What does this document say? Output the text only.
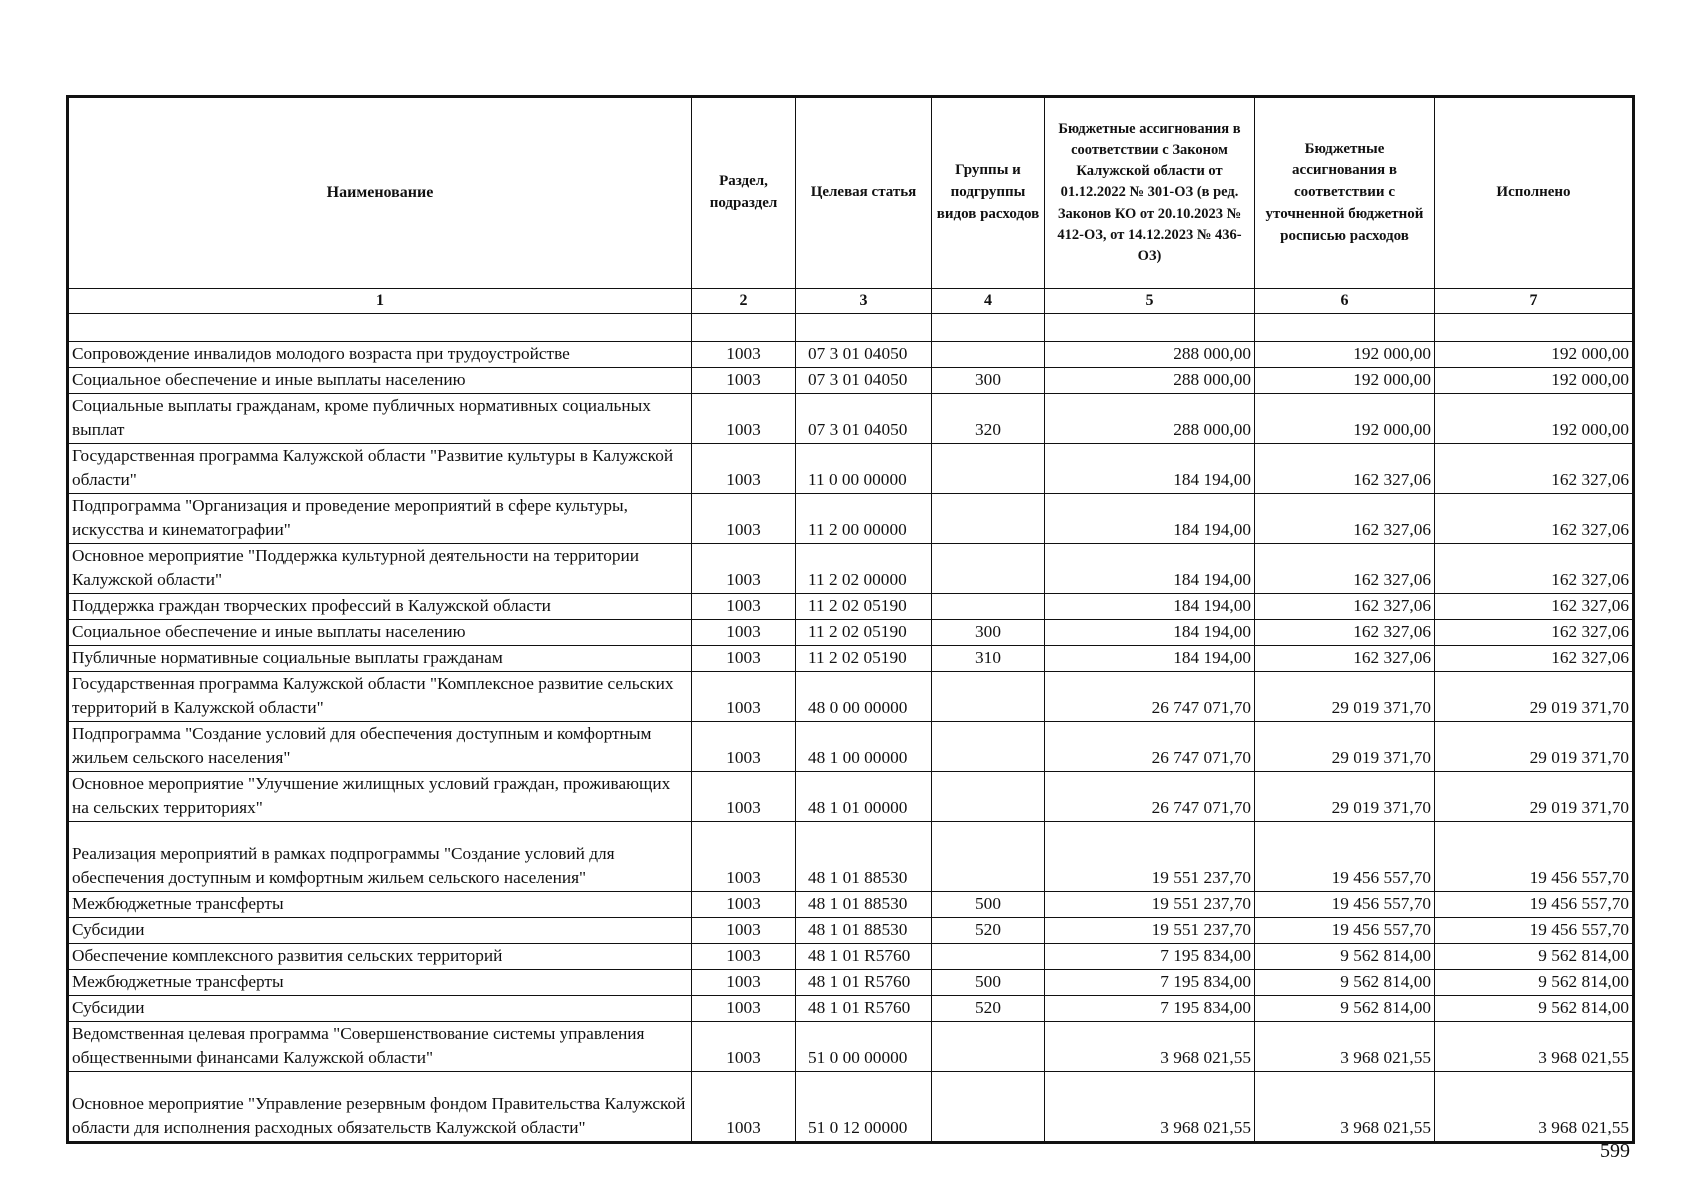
Наименование	Раздел, подраздел	Целевая статья	Группы и подгруппы видов расходов	Бюджетные ассигнования в соответствии с Законом Калужской области от 01.12.2022 № 301-ОЗ (в ред. Законов КО от 20.10.2023 № 412-ОЗ, от 14.12.2023 № 436-ОЗ)	Бюджетные ассигнования в соответствии с уточненной бюджетной росписью расходов	Исполнено
1	2	3	4	5	6	7

Сопровождение инвалидов молодого возраста при трудоустройстве	1003	07 3 01 04050		288 000,00	192 000,00	192 000,00
Социальное обеспечение и иные выплаты населению	1003	07 3 01 04050	300	288 000,00	192 000,00	192 000,00
Социальные выплаты гражданам, кроме публичных нормативных социальных выплат	1003	07 3 01 04050	320	288 000,00	192 000,00	192 000,00
Государственная программа Калужской области "Развитие культуры в Калужской области"	1003	11 0 00 00000		184 194,00	162 327,06	162 327,06
Подпрограмма "Организация и проведение мероприятий в сфере культуры, искусства и кинематографии"	1003	11 2 00 00000		184 194,00	162 327,06	162 327,06
Основное мероприятие "Поддержка культурной деятельности на территории Калужской области"	1003	11 2 02 00000		184 194,00	162 327,06	162 327,06
Поддержка граждан творческих профессий в Калужской области	1003	11 2 02 05190		184 194,00	162 327,06	162 327,06
Социальное обеспечение и иные выплаты населению	1003	11 2 02 05190	300	184 194,00	162 327,06	162 327,06
Публичные нормативные социальные выплаты гражданам	1003	11 2 02 05190	310	184 194,00	162 327,06	162 327,06
Государственная программа Калужской области "Комплексное развитие сельских территорий в Калужской области"	1003	48 0 00 00000		26 747 071,70	29 019 371,70	29 019 371,70
Подпрограмма "Создание условий для обеспечения доступным и комфортным жильем сельского населения"	1003	48 1 00 00000		26 747 071,70	29 019 371,70	29 019 371,70
Основное мероприятие "Улучшение жилищных условий граждан, проживающих на сельских территориях"	1003	48 1 01 00000		26 747 071,70	29 019 371,70	29 019 371,70
Реализация мероприятий в рамках подпрограммы "Создание условий для обеспечения доступным и комфортным жильем сельского населения"	1003	48 1 01 88530		19 551 237,70	19 456 557,70	19 456 557,70
Межбюджетные трансферты	1003	48 1 01 88530	500	19 551 237,70	19 456 557,70	19 456 557,70
Субсидии	1003	48 1 01 88530	520	19 551 237,70	19 456 557,70	19 456 557,70
Обеспечение комплексного развития сельских территорий	1003	48 1 01 R5760		7 195 834,00	9 562 814,00	9 562 814,00
Межбюджетные трансферты	1003	48 1 01 R5760	500	7 195 834,00	9 562 814,00	9 562 814,00
Субсидии	1003	48 1 01 R5760	520	7 195 834,00	9 562 814,00	9 562 814,00
Ведомственная целевая программа "Совершенствование системы управления общественными финансами Калужской области"	1003	51 0 00 00000		3 968 021,55	3 968 021,55	3 968 021,55
Основное мероприятие "Управление резервным фондом Правительства Калужской области для исполнения расходных обязательств Калужской области"	1003	51 0 12 00000		3 968 021,55	3 968 021,55	3 968 021,55
599
